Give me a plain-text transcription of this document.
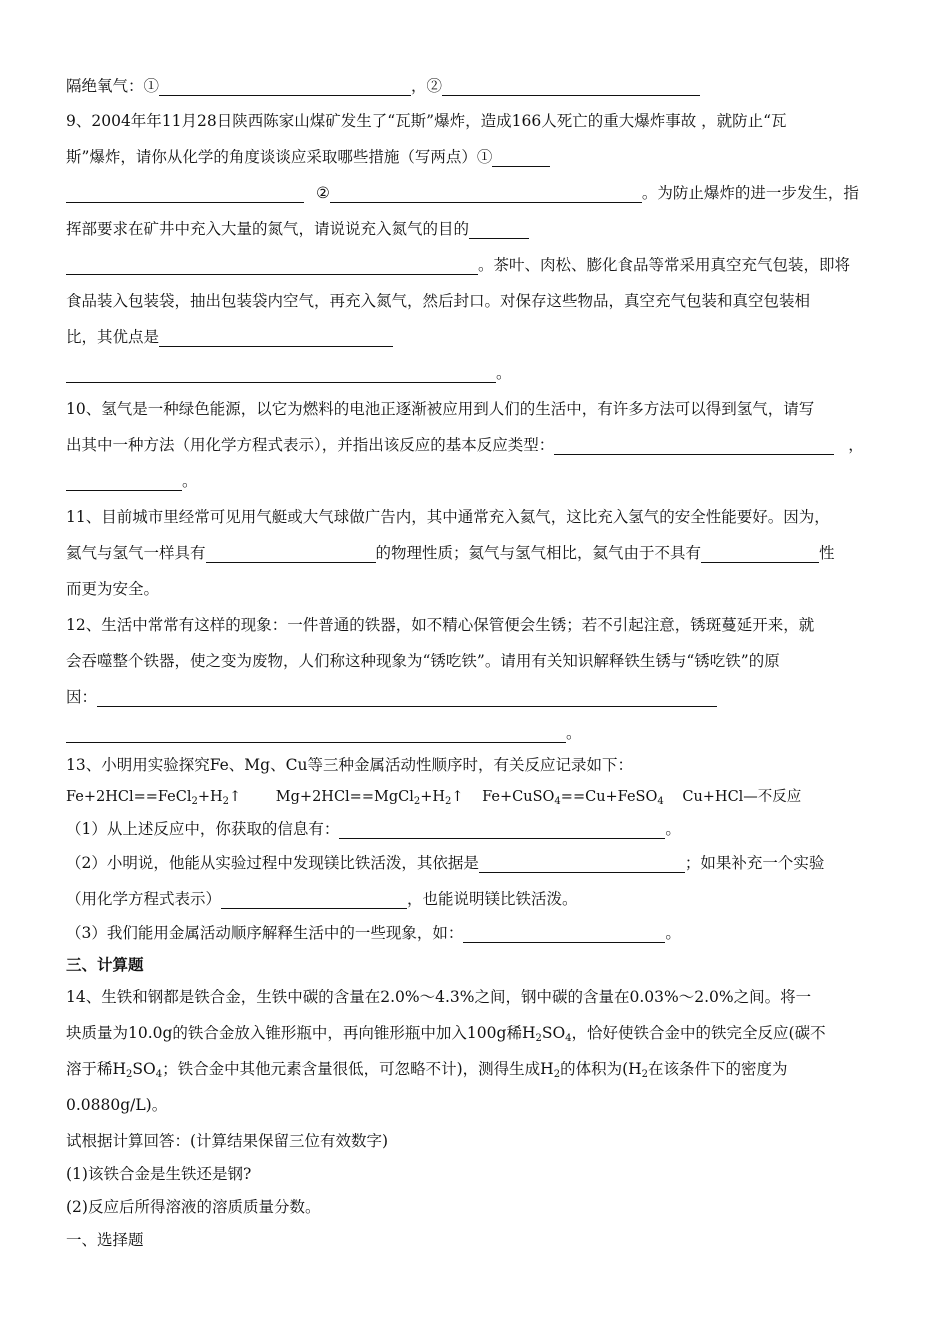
隔绝氧气：①	，②
9、2004年年11月28日陕西陈家山煤矿发生了“瓦斯”爆炸，造成166人死亡的重大爆炸事故 ，就防止“瓦
斯”爆炸，请你从化学的角度谈谈应采取哪些措施（写两点）①
②	。为防止爆炸的进一步发生，指
挥部要求在矿井中充入大量的氮气，请说说充入氮气的目的
。茶叶、肉松、膨化食品等常采用真空充气包装，即将
食品装入包装袋，抽出包装袋内空气，再充入氮气，然后封口。对保存这些物品，真空充气包装和真空包装相
比，其优点是
。
10、氢气是一种绿色能源，以它为燃料的电池正逐渐被应用到人们的生活中，有许多方法可以得到氢气，请写
出其中一种方法（用化学方程式表示），并指出该反应的基本反应类型：	，
。
11、目前城市里经常可见用气艇或大气球做广告内，其中通常充入氦气，这比充入氢气的安全性能要好。因为，
氦气与氢气一样具有	的物理性质；氦气与氢气相比，氦气由于不具有	性
而更为安全。
12、生活中常常有这样的现象：一件普通的铁器，如不精心保管便会生锈；若不引起注意，锈斑蔓延开来，就
会吞噬整个铁器，使之变为废物，人们称这种现象为“锈吃铁”。请用有关知识解释铁生锈与“锈吃铁”的原
因：
。
13、小明用实验探究Fe、Mg、Cu等三种金属活动性顺序时，有关反应记录如下：
$Fe+2HCl==FeCl_2+H_2↑$ $Mg+2HCl==MgCl_2+H_2↑$ Fe+CuSO$_4$==Cu+FeSO$_4$ Cu+HCl—不反应
（1）从上述反应中，你获取的信息有：	。
（2）小明说，他能从实验过程中发现镁比铁活泼，其依据是	；如果补充一个实验
（用化学方程式表示）	，也能说明镁比铁活泼。
（3）我们能用金属活动顺序解释生活中的一些现象，如：	。
三、计算题
14、生铁和钢都是铁合金，生铁中碳的含量在2.0%～4.3%之间，钢中碳的含量在0.03%～2.0%之间。将一
块质量为10.0g的铁合金放入锥形瓶中，再向锥形瓶中加入100g稀$H_2SO_4$，恰好使铁合金中的铁完全反应(碳不
溶于稀$H_2SO_4$；铁合金中其他元素含量很低，可忽略不计)，测得生成$H_2$的体积为($H_2$在该条件下的密度为
0.0880g/L)。
试根据计算回答：(计算结果保留三位有效数字)
(1)该铁合金是生铁还是钢?
(2)反应后所得溶液的溶质质量分数。
一、选择题
